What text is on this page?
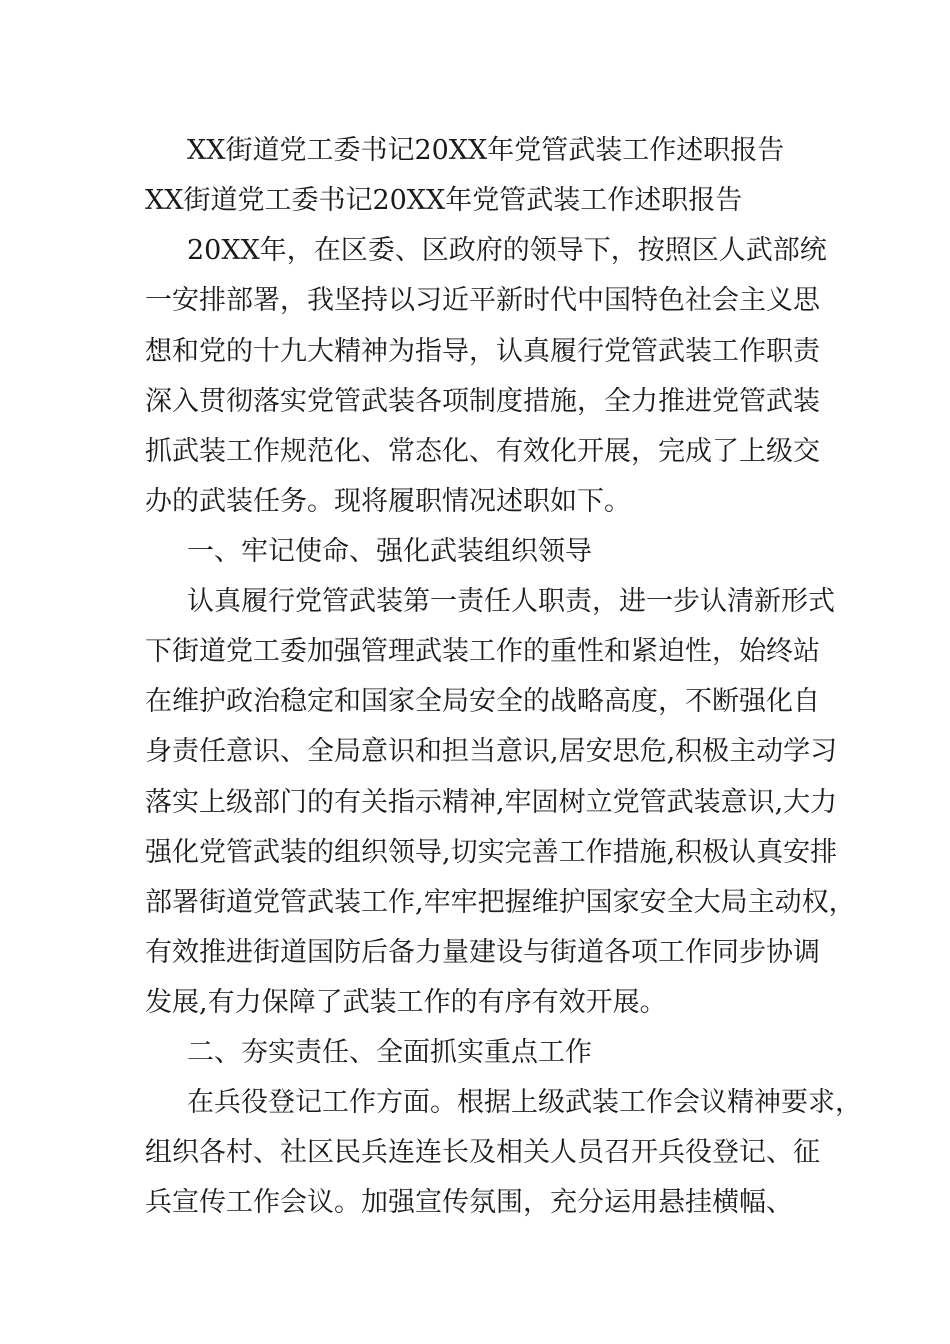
XX街道党工委书记20XX年党管武装工作述职报告
XX街道党工委书记20XX年党管武装工作述职报告
20XX年，在区委、区政府的领导下，按照区人武部统
一安排部署，我坚持以习近平新时代中国特色社会主义思
想和党的十九大精神为指导，认真履行党管武装工作职责
深入贯彻落实党管武装各项制度措施，全力推进党管武装
抓武装工作规范化、常态化、有效化开展，完成了上级交
办的武装任务。现将履职情况述职如下。
一、牢记使命、强化武装组织领导
认真履行党管武装第一责任人职责，进一步认清新形式
下街道党工委加强管理武装工作的重性和紧迫性，始终站
在维护政治稳定和国家全局安全的战略高度，不断强化自
身责任意识、全局意识和担当意识,居安思危,积极主动学习
落实上级部门的有关指示精神,牢固树立党管武装意识,大力
强化党管武装的组织领导,切实完善工作措施,积极认真安排
部署街道党管武装工作,牢牢把握维护国家安全大局主动权，
有效推进街道国防后备力量建设与街道各项工作同步协调
发展,有力保障了武装工作的有序有效开展。
二、夯实责任、全面抓实重点工作
在兵役登记工作方面。根据上级武装工作会议精神要求，
组织各村、社区民兵连连长及相关人员召开兵役登记、征
兵宣传工作会议。加强宣传氛围，充分运用悬挂横幅、
